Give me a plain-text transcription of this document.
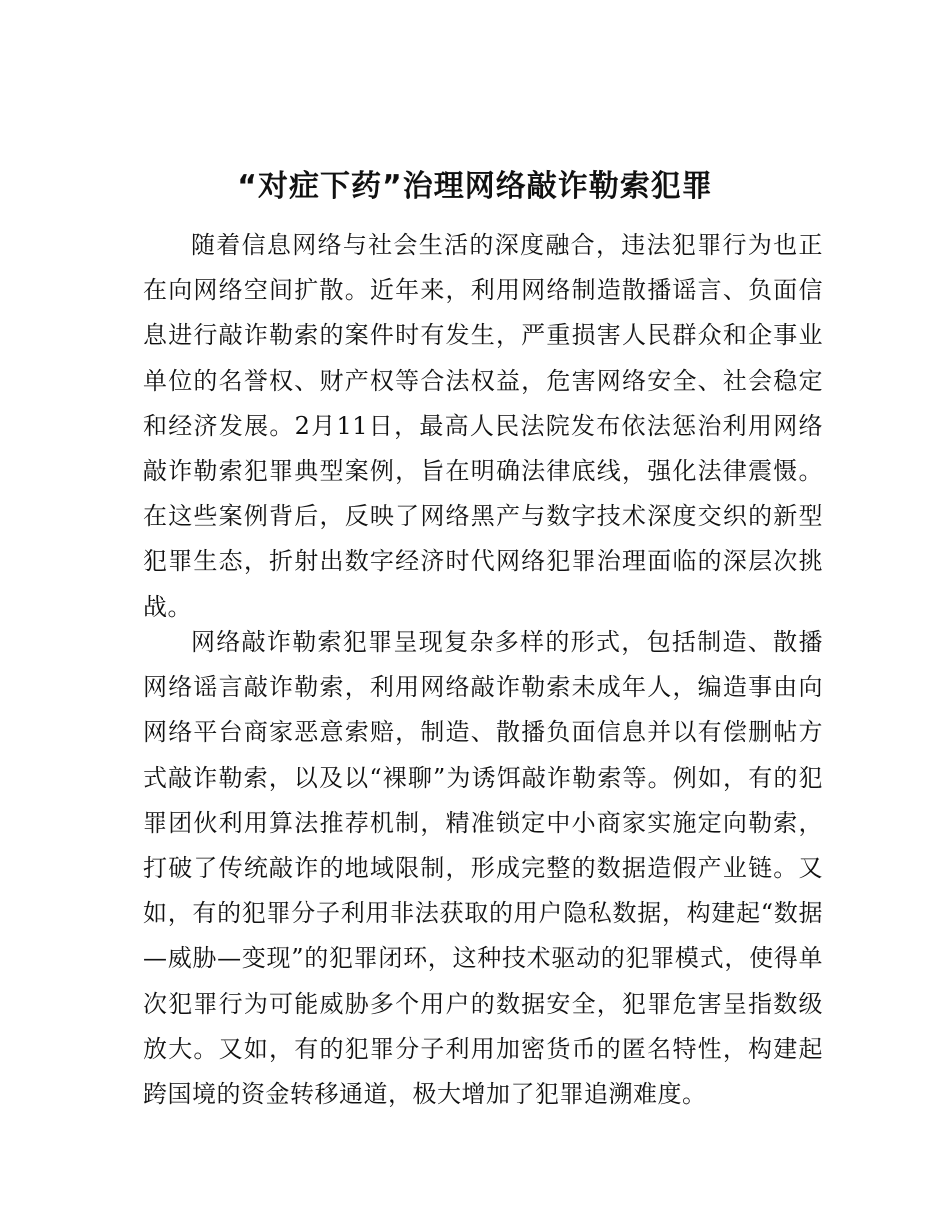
“对症下药”治理网络敲诈勒索犯罪

随着信息网络与社会生活的深度融合，违法犯罪行为也正在向网络空间扩散。近年来，利用网络制造散播谣言、负面信息进行敲诈勒索的案件时有发生，严重损害人民群众和企事业单位的名誉权、财产权等合法权益，危害网络安全、社会稳定和经济发展。2月11日，最高人民法院发布依法惩治利用网络敲诈勒索犯罪典型案例，旨在明确法律底线，强化法律震慑。在这些案例背后，反映了网络黑产与数字技术深度交织的新型犯罪生态，折射出数字经济时代网络犯罪治理面临的深层次挑战。

网络敲诈勒索犯罪呈现复杂多样的形式，包括制造、散播网络谣言敲诈勒索，利用网络敲诈勒索未成年人，编造事由向网络平台商家恶意索赔，制造、散播负面信息并以有偿删帖方式敲诈勒索，以及以“裸聊”为诱饵敲诈勒索等。例如，有的犯罪团伙利用算法推荐机制，精准锁定中小商家实施定向勒索，打破了传统敲诈的地域限制，形成完整的数据造假产业链。又如，有的犯罪分子利用非法获取的用户隐私数据，构建起“数据—威胁—变现”的犯罪闭环，这种技术驱动的犯罪模式，使得单次犯罪行为可能威胁多个用户的数据安全，犯罪危害呈指数级放大。又如，有的犯罪分子利用加密货币的匿名特性，构建起跨国境的资金转移通道，极大增加了犯罪追溯难度。
